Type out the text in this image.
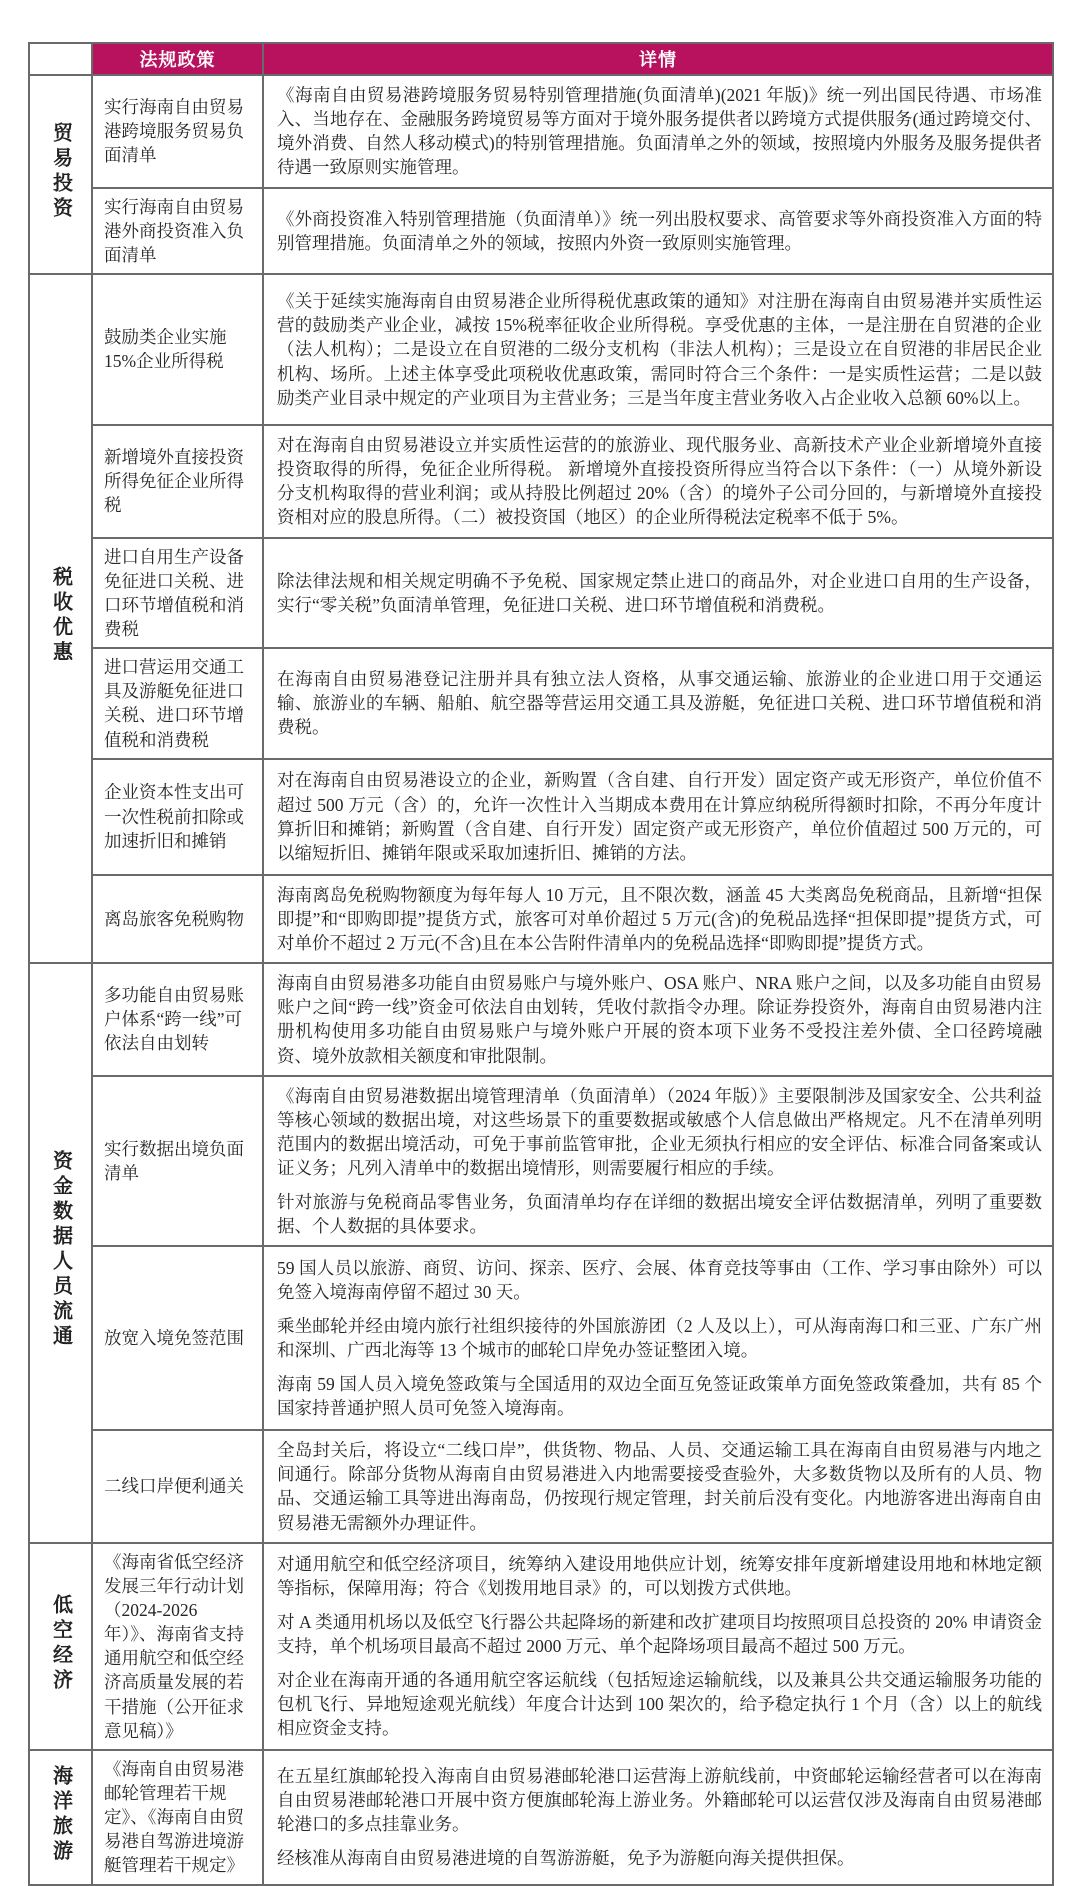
	法规政策	详情
贸易投资	实行海南自由贸易港跨境服务贸易负面清单	《海南自由贸易港跨境服务贸易特别管理措施(负面清单)(2021 年版)》统一列出国民待遇、市场准入、当地存在、金融服务跨境贸易等方面对于境外服务提供者以跨境方式提供服务(通过跨境交付、境外消费、自然人移动模式)的特别管理措施。负面清单之外的领域，按照境内外服务及服务提供者待遇一致原则实施管理。

	实行海南自由贸易港外商投资准入负面清单	《外商投资准入特别管理措施（负面清单）》统一列出股权要求、高管要求等外商投资准入方面的特别管理措施。负面清单之外的领域，按照内外资一致原则实施管理。

税收优惠	鼓励类企业实施 15%企业所得税	《关于延续实施海南自由贸易港企业所得税优惠政策的通知》对注册在海南自由贸易港并实质性运营的鼓励类产业企业，减按 15%税率征收企业所得税。享受优惠的主体，一是注册在自贸港的企业（法人机构）；二是设立在自贸港的二级分支机构（非法人机构）；三是设立在自贸港的非居民企业机构、场所。上述主体享受此项税收优惠政策，需同时符合三个条件：一是实质性运营；二是以鼓励类产业目录中规定的产业项目为主营业务；三是当年度主营业务收入占企业收入总额 60%以上。

	新增境外直接投资所得免征企业所得税	对在海南自由贸易港设立并实质性运营的的旅游业、现代服务业、高新技术产业企业新增境外直接投资取得的所得，免征企业所得税。 新增境外直接投资所得应当符合以下条件：（一）从境外新设分支机构取得的营业利润；或从持股比例超过 20%（含）的境外子公司分回的，与新增境外直接投资相对应的股息所得。（二）被投资国（地区）的企业所得税法定税率不低于 5%。

	进口自用生产设备免征进口关税、进口环节增值税和消费税	除法律法规和相关规定明确不予免税、国家规定禁止进口的商品外，对企业进口自用的生产设备，实行“零关税”负面清单管理，免征进口关税、进口环节增值税和消费税。

	进口营运用交通工具及游艇免征进口关税、进口环节增值税和消费税	在海南自由贸易港登记注册并具有独立法人资格，从事交通运输、旅游业的企业进口用于交通运输、旅游业的车辆、船舶、航空器等营运用交通工具及游艇，免征进口关税、进口环节增值税和消费税。

	企业资本性支出可一次性税前扣除或加速折旧和摊销	对在海南自由贸易港设立的企业，新购置（含自建、自行开发）固定资产或无形资产，单位价值不超过 500 万元（含）的，允许一次性计入当期成本费用在计算应纳税所得额时扣除，不再分年度计算折旧和摊销；新购置（含自建、自行开发）固定资产或无形资产，单位价值超过 500 万元的，可以缩短折旧、摊销年限或采取加速折旧、摊销的方法。

	离岛旅客免税购物	海南离岛免税购物额度为每年每人 10 万元，且不限次数，涵盖 45 大类离岛免税商品，且新增“担保即提”和“即购即提”提货方式，旅客可对单价超过 5 万元(含)的免税品选择“担保即提”提货方式，可对单价不超过 2 万元(不含)且在本公告附件清单内的免税品选择“即购即提”提货方式。

资金数据人员流通	多功能自由贸易账户体系“跨一线”可依法自由划转	海南自由贸易港多功能自由贸易账户与境外账户、OSA 账户、NRA 账户之间，以及多功能自由贸易账户之间“跨一线”资金可依法自由划转，凭收付款指令办理。除证券投资外，海南自由贸易港内注册机构使用多功能自由贸易账户与境外账户开展的资本项下业务不受投注差外债、全口径跨境融资、境外放款相关额度和审批限制。

	实行数据出境负面清单	《海南自由贸易港数据出境管理清单（负面清单）（2024 年版）》主要限制涉及国家安全、公共利益等核心领域的数据出境，对这些场景下的重要数据或敏感个人信息做出严格规定。凡不在清单列明范围内的数据出境活动，可免于事前监管审批，企业无须执行相应的安全评估、标准合同备案或认证义务；凡列入清单中的数据出境情形，则需要履行相应的手续。

针对旅游与免税商品零售业务，负面清单均存在详细的数据出境安全评估数据清单，列明了重要数据、个人数据的具体要求。

	放宽入境免签范围	59 国人员以旅游、商贸、访问、探亲、医疗、会展、体育竞技等事由（工作、学习事由除外）可以免签入境海南停留不超过 30 天。

乘坐邮轮并经由境内旅行社组织接待的外国旅游团（2 人及以上），可从海南海口和三亚、广东广州和深圳、广西北海等 13 个城市的邮轮口岸免办签证整团入境。

海南 59 国人员入境免签政策与全国适用的双边全面互免签证政策单方面免签政策叠加，共有 85 个国家持普通护照人员可免签入境海南。

	二线口岸便利通关	全岛封关后，将设立“二线口岸”，供货物、物品、人员、交通运输工具在海南自由贸易港与内地之间通行。除部分货物从海南自由贸易港进入内地需要接受查验外，大多数货物以及所有的人员、物品、交通运输工具等进出海南岛，仍按现行规定管理，封关前后没有变化。内地游客进出海南自由贸易港无需额外办理证件。

低空经济	《海南省低空经济发展三年行动计划（2024-2026 年）》、海南省支持通用航空和低空经济高质量发展的若干措施（公开征求意见稿）》	对通用航空和低空经济项目，统筹纳入建设用地供应计划，统筹安排年度新增建设用地和林地定额等指标，保障用海；符合《划拨用地目录》的，可以划拨方式供地。

对 A 类通用机场以及低空飞行器公共起降场的新建和改扩建项目均按照项目总投资的 20% 申请资金支持，单个机场项目最高不超过 2000 万元、单个起降场项目最高不超过 500 万元。

对企业在海南开通的各通用航空客运航线（包括短途运输航线，以及兼具公共交通运输服务功能的包机飞行、异地短途观光航线）年度合计达到 100 架次的，给予稳定执行 1 个月（含）以上的航线相应资金支持。

海洋旅游	《海南自由贸易港邮轮管理若干规定》、《海南自由贸易港自驾游进境游艇管理若干规定》	在五星红旗邮轮投入海南自由贸易港邮轮港口运营海上游航线前，中资邮轮运输经营者可以在海南自由贸易港邮轮港口开展中资方便旗邮轮海上游业务。外籍邮轮可以运营仅涉及海南自由贸易港邮轮港口的多点挂靠业务。

经核准从海南自由贸易港进境的自驾游游艇，免予为游艇向海关提供担保。
